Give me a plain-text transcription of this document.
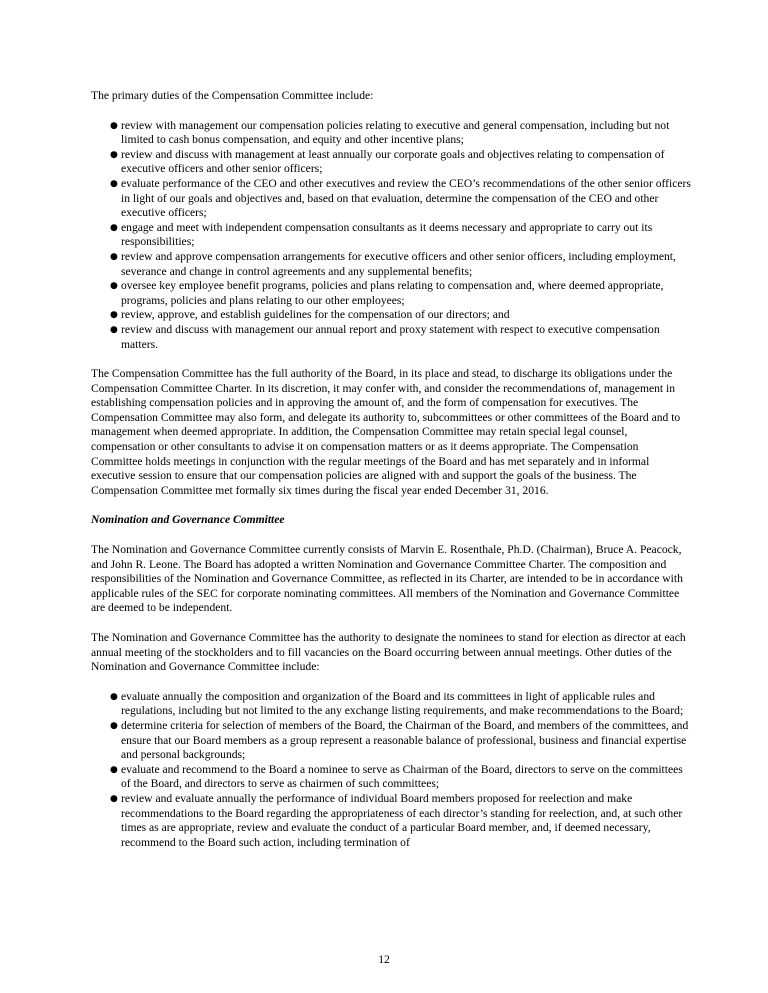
The primary duties of the Compensation Committee include:

● review with management our compensation policies relating to executive and general compensation, including but not limited to cash bonus compensation, and equity and other incentive plans;
● review and discuss with management at least annually our corporate goals and objectives relating to compensation of executive officers and other senior officers;
● evaluate performance of the CEO and other executives and review the CEO’s recommendations of the other senior officers in light of our goals and objectives and, based on that evaluation, determine the compensation of the CEO and other executive officers;
● engage and meet with independent compensation consultants as it deems necessary and appropriate to carry out its responsibilities;
● review and approve compensation arrangements for executive officers and other senior officers, including employment, severance and change in control agreements and any supplemental benefits;
● oversee key employee benefit programs, policies and plans relating to compensation and, where deemed appropriate, programs, policies and plans relating to our other employees;
● review, approve, and establish guidelines for the compensation of our directors; and
● review and discuss with management our annual report and proxy statement with respect to executive compensation matters.

The Compensation Committee has the full authority of the Board, in its place and stead, to discharge its obligations under the Compensation Committee Charter. In its discretion, it may confer with, and consider the recommendations of, management in establishing compensation policies and in approving the amount of, and the form of compensation for executives. The Compensation Committee may also form, and delegate its authority to, subcommittees or other committees of the Board and to management when deemed appropriate. In addition, the Compensation Committee may retain special legal counsel, compensation or other consultants to advise it on compensation matters or as it deems appropriate. The Compensation Committee holds meetings in conjunction with the regular meetings of the Board and has met separately and in informal executive session to ensure that our compensation policies are aligned with and support the goals of the business. The Compensation Committee met formally six times during the fiscal year ended December 31, 2016.

Nomination and Governance Committee

The Nomination and Governance Committee currently consists of Marvin E. Rosenthale, Ph.D. (Chairman), Bruce A. Peacock, and John R. Leone. The Board has adopted a written Nomination and Governance Committee Charter. The composition and responsibilities of the Nomination and Governance Committee, as reflected in its Charter, are intended to be in accordance with applicable rules of the SEC for corporate nominating committees. All members of the Nomination and Governance Committee are deemed to be independent.

The Nomination and Governance Committee has the authority to designate the nominees to stand for election as director at each annual meeting of the stockholders and to fill vacancies on the Board occurring between annual meetings. Other duties of the Nomination and Governance Committee include:

● evaluate annually the composition and organization of the Board and its committees in light of applicable rules and regulations, including but not limited to the any exchange listing requirements, and make recommendations to the Board;
● determine criteria for selection of members of the Board, the Chairman of the Board, and members of the committees, and ensure that our Board members as a group represent a reasonable balance of professional, business and financial expertise and personal backgrounds;
● evaluate and recommend to the Board a nominee to serve as Chairman of the Board, directors to serve on the committees of the Board, and directors to serve as chairmen of such committees;
● review and evaluate annually the performance of individual Board members proposed for reelection and make recommendations to the Board regarding the appropriateness of each director’s standing for reelection, and, at such other times as are appropriate, review and evaluate the conduct of a particular Board member, and, if deemed necessary, recommend to the Board such action, including termination of
12
